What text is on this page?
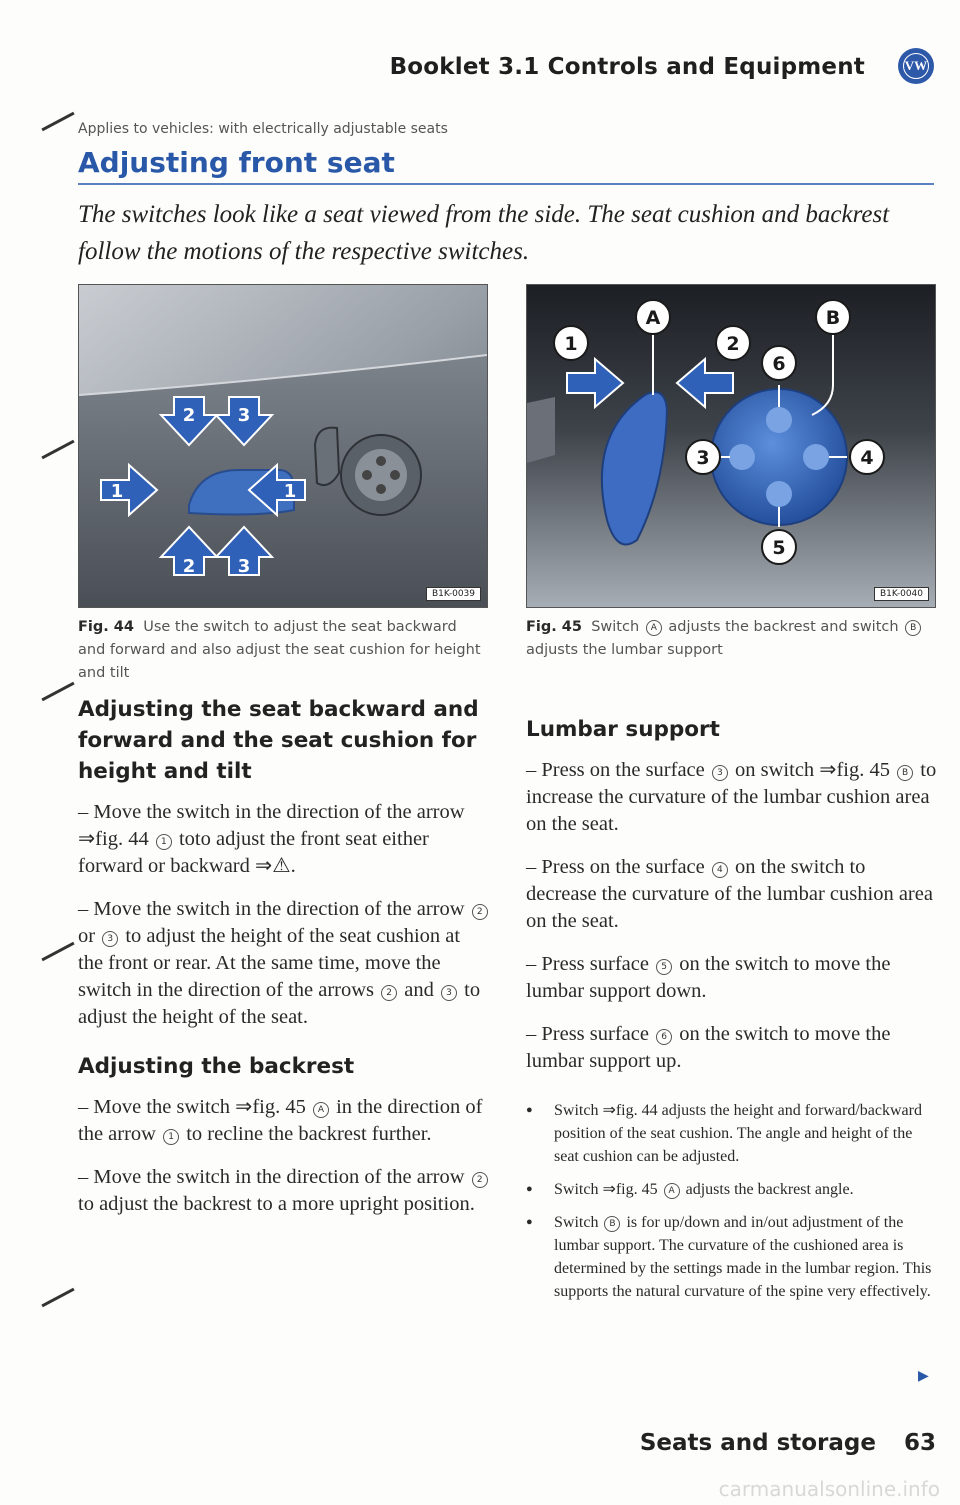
Booklet 3.1 Controls and Equipment	VW
Applies to vehicles: with electrically adjustable seats
Adjusting front seat
The switches look like a seat viewed from the side. The seat cushion and backrest follow the motions of the respective switches.
2 3
1	1
2 3
B1K-0039
Fig. 44 Use the switch to adjust the seat backward and forward and also adjust the seat cushion for height and tilt
A	B
1	2
6
3	4
5
B1K-0040
Fig. 45 Switch A adjusts the backrest and switch B adjusts the lumbar support
Adjusting the seat backward and forward and the seat cushion for height and tilt

– Move the switch in the direction of the arrow ⇒fig. 44 1 toto adjust the front seat either forward or backward ⇒⚠.

– Move the switch in the direction of the arrow 2 or 3 to adjust the height of the seat cushion at the front or rear. At the same time, move the switch in the direction of the arrows 2 and 3 to adjust the height of the seat.

Adjusting the backrest

– Move the switch ⇒fig. 45 A in the direction of the arrow 1 to recline the backrest further.

– Move the switch in the direction of the arrow 2 to adjust the backrest to a more upright position.

Lumbar support

– Press on the surface 3 on switch ⇒fig. 45 B to increase the curvature of the lumbar cushion area on the seat.

– Press on the surface 4 on the switch to decrease the curvature of the lumbar cushion area on the seat.

– Press surface 5 on the switch to move the lumbar support down.

– Press surface 6 on the switch to move the lumbar support up.

● Switch ⇒fig. 44 adjusts the height and forward/backward position of the seat cushion. The angle and height of the seat cushion can be adjusted.

● Switch ⇒fig. 45 A adjusts the backrest angle.

● Switch B is for up/down and in/out adjustment of the lumbar support. The curvature of the cushioned area is determined by the settings made in the lumbar region. This supports the natural curvature of the spine very effectively.

▶
Seats and storage 63
carmanualsonline.info
